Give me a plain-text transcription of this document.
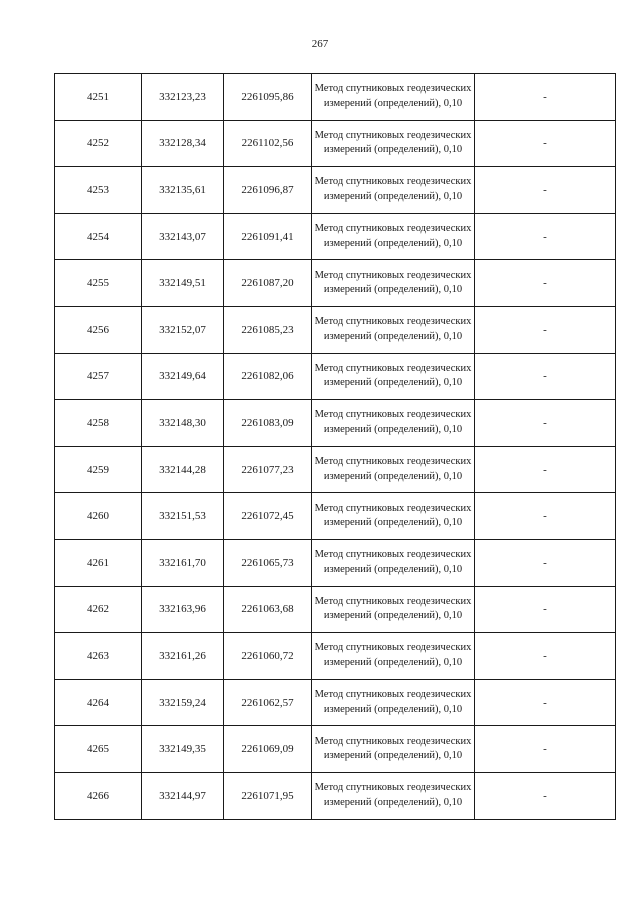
267
4251	332123,23	2261095,86	Метод спутниковых геодезических измерений (определений), 0,10	-
4252	332128,34	2261102,56	Метод спутниковых геодезических измерений (определений), 0,10	-
4253	332135,61	2261096,87	Метод спутниковых геодезических измерений (определений), 0,10	-
4254	332143,07	2261091,41	Метод спутниковых геодезических измерений (определений), 0,10	-
4255	332149,51	2261087,20	Метод спутниковых геодезических измерений (определений), 0,10	-
4256	332152,07	2261085,23	Метод спутниковых геодезических измерений (определений), 0,10	-
4257	332149,64	2261082,06	Метод спутниковых геодезических измерений (определений), 0,10	-
4258	332148,30	2261083,09	Метод спутниковых геодезических измерений (определений), 0,10	-
4259	332144,28	2261077,23	Метод спутниковых геодезических измерений (определений), 0,10	-
4260	332151,53	2261072,45	Метод спутниковых геодезических измерений (определений), 0,10	-
4261	332161,70	2261065,73	Метод спутниковых геодезических измерений (определений), 0,10	-
4262	332163,96	2261063,68	Метод спутниковых геодезических измерений (определений), 0,10	-
4263	332161,26	2261060,72	Метод спутниковых геодезических измерений (определений), 0,10	-
4264	332159,24	2261062,57	Метод спутниковых геодезических измерений (определений), 0,10	-
4265	332149,35	2261069,09	Метод спутниковых геодезических измерений (определений), 0,10	-
4266	332144,97	2261071,95	Метод спутниковых геодезических измерений (определений), 0,10	-
